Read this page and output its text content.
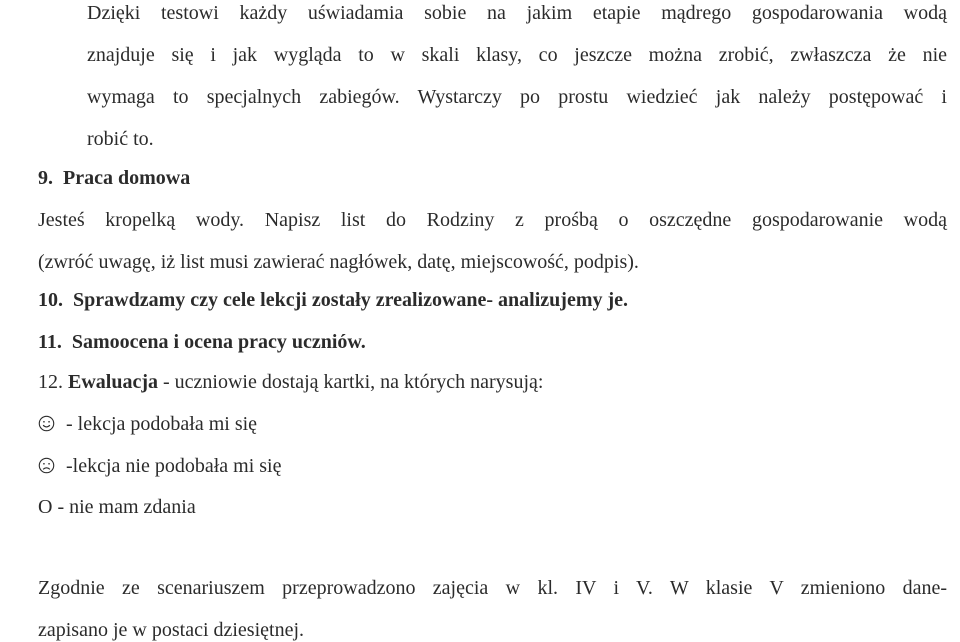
Dzięki testowi każdy uświadamia sobie na jakim etapie mądrego gospodarowania wodą
znajduje się i jak wygląda to w skali klasy, co jeszcze można zrobić, zwłaszcza że nie
wymaga to specjalnych zabiegów. Wystarczy po prostu wiedzieć jak należy postępować i
robić to.
9.  Praca domowa
Jesteś kropelką wody. Napisz list do Rodziny z prośbą o oszczędne gospodarowanie wodą
(zwróć uwagę, iż list musi zawierać nagłówek, datę, miejscowość, podpis).
10.  Sprawdzamy czy cele lekcji zostały zrealizowane- analizujemy je.
11.  Samoocena i ocena pracy uczniów.
12. Ewaluacja - uczniowie dostają kartki, na których narysują:
- lekcja podobała mi się
-lekcja nie podobała mi się
O - nie mam zdania
Zgodnie ze scenariuszem przeprowadzono zajęcia w kl. IV i V. W klasie V zmieniono dane-
zapisano je w postaci dziesiętnej.
